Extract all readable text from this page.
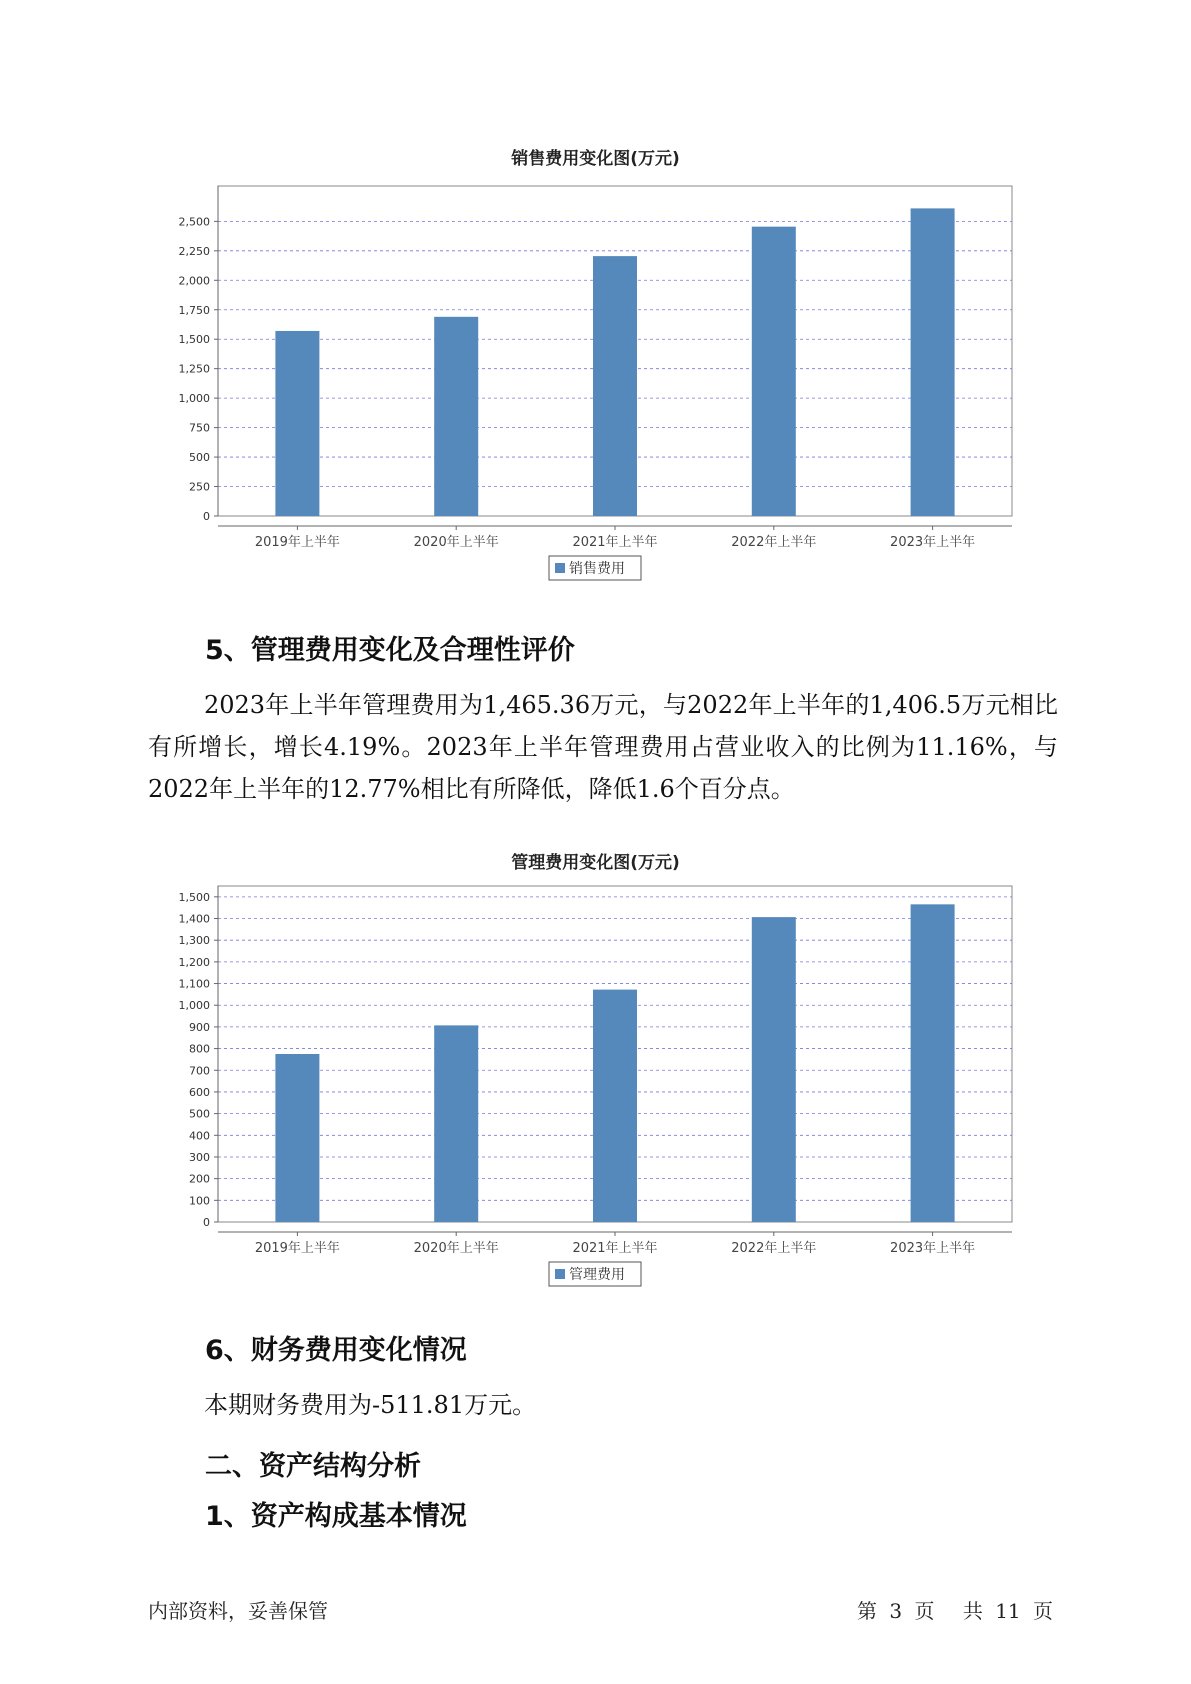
销售费用变化图(万元)
0
250
500
750
1,000
1,250
1,500
1,750
2,000
2,250
2,500
2019年上半年	2020年上半年	2021年上半年	2022年上半年	2023年上半年
销售费用
5、管理费用变化及合理性评价

2023年上半年管理费用为1,465.36万元，与2022年上半年的1,406.5万元相比有所增长，增长4.19%。2023年上半年管理费用占营业收入的比例为11.16%，与2022年上半年的12.77%相比有所降低，降低1.6个百分点。

管理费用变化图(万元)
0
100
200
300
400
500
600
700
800
900
1,000
1,100
1,200
1,300
1,400
1,500
2019年上半年	2020年上半年	2021年上半年	2022年上半年	2023年上半年
管理费用
6、财务费用变化情况

本期财务费用为-511.81万元。

二、资产结构分析
1、资产构成基本情况
内部资料，妥善保管	第 3 页 共 11 页
